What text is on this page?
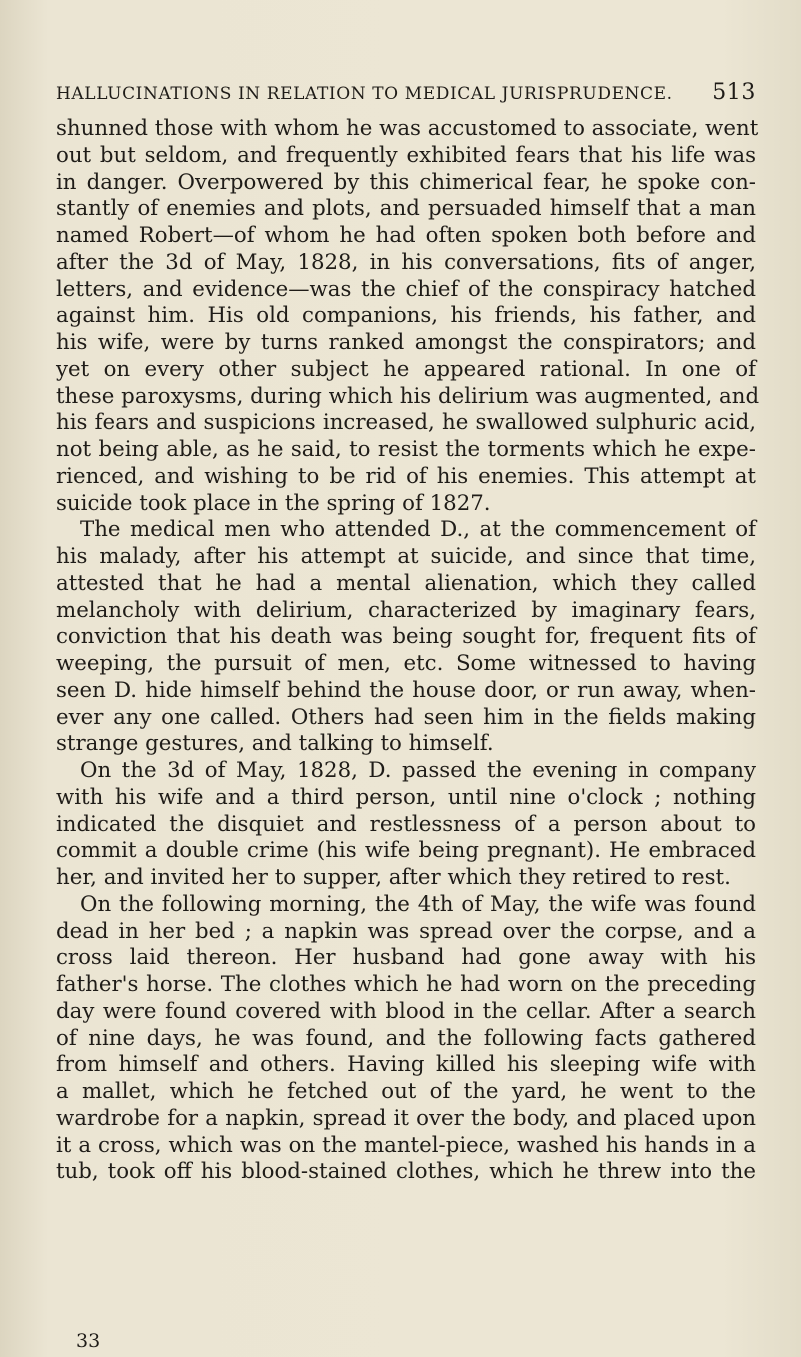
HALLUCINATIONS IN RELATION TO MEDICAL JURISPRUDENCE. 513
shunned those with whom he was accustomed to associate, went
out but seldom, and frequently exhibited fears that his life was
in danger. Overpowered by this chimerical fear, he spoke con-
stantly of enemies and plots, and persuaded himself that a man
named Robert—of whom he had often spoken both before and
after the 3d of May, 1828, in his conversations, fits of anger,
letters, and evidence—was the chief of the conspiracy hatched
against him. His old companions, his friends, his father, and
his wife, were by turns ranked amongst the conspirators; and
yet on every other subject he appeared rational. In one of
these paroxysms, during which his delirium was augmented, and
his fears and suspicions increased, he swallowed sulphuric acid,
not being able, as he said, to resist the torments which he expe-
rienced, and wishing to be rid of his enemies. This attempt at
suicide took place in the spring of 1827.
The medical men who attended D., at the commencement of
his malady, after his attempt at suicide, and since that time,
attested that he had a mental alienation, which they called
melancholy with delirium, characterized by imaginary fears,
conviction that his death was being sought for, frequent fits of
weeping, the pursuit of men, etc. Some witnessed to having
seen D. hide himself behind the house door, or run away, when-
ever any one called. Others had seen him in the fields making
strange gestures, and talking to himself.
On the 3d of May, 1828, D. passed the evening in company
with his wife and a third person, until nine o'clock ; nothing
indicated the disquiet and restlessness of a person about to
commit a double crime (his wife being pregnant). He embraced
her, and invited her to supper, after which they retired to rest.
On the following morning, the 4th of May, the wife was found
dead in her bed ; a napkin was spread over the corpse, and a
cross laid thereon. Her husband had gone away with his
father's horse. The clothes which he had worn on the preceding
day were found covered with blood in the cellar. After a search
of nine days, he was found, and the following facts gathered
from himself and others. Having killed his sleeping wife with
a mallet, which he fetched out of the yard, he went to the
wardrobe for a napkin, spread it over the body, and placed upon
it a cross, which was on the mantel-piece, washed his hands in a
tub, took off his blood-stained clothes, which he threw into the
33
